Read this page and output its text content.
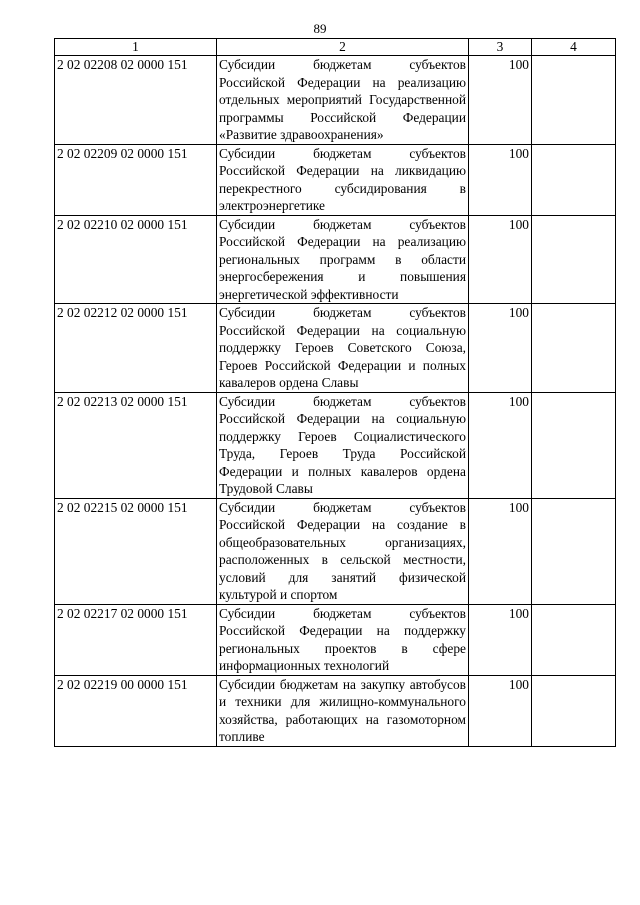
89
1	2	3	4
2 02 02208 02 0000 151	Субсидии бюджетам субъектов Российской Федерации на реализацию отдельных мероприятий Государственной программы Российской Федерации «Развитие здравоохранения»	100	
2 02 02209 02 0000 151	Субсидии бюджетам субъектов Российской Федерации на ликвидацию перекрестного субсидирования в электроэнергетике	100	
2 02 02210 02 0000 151	Субсидии бюджетам субъектов Российской Федерации на реализацию региональных программ в области энергосбережения и повышения энергетической эффективности	100	
2 02 02212 02 0000 151	Субсидии бюджетам субъектов Российской Федерации на социальную поддержку Героев Советского Союза, Героев Российской Федерации и полных кавалеров ордена Славы	100	
2 02 02213 02 0000 151	Субсидии бюджетам субъектов Российской Федерации на социальную поддержку Героев Социалистического Труда, Героев Труда Российской Федерации и полных кавалеров ордена Трудовой Славы	100	
2 02 02215 02 0000 151	Субсидии бюджетам субъектов Российской Федерации на создание в общеобразовательных организациях, расположенных в сельской местности, условий для занятий физической культурой и спортом	100	
2 02 02217 02 0000 151	Субсидии бюджетам субъектов Российской Федерации на поддержку региональных проектов в сфере информационных технологий	100	
2 02 02219 00 0000 151	Субсидии бюджетам на закупку автобусов и техники для жилищно-коммунального хозяйства, работающих на газомоторном топливе	100	
